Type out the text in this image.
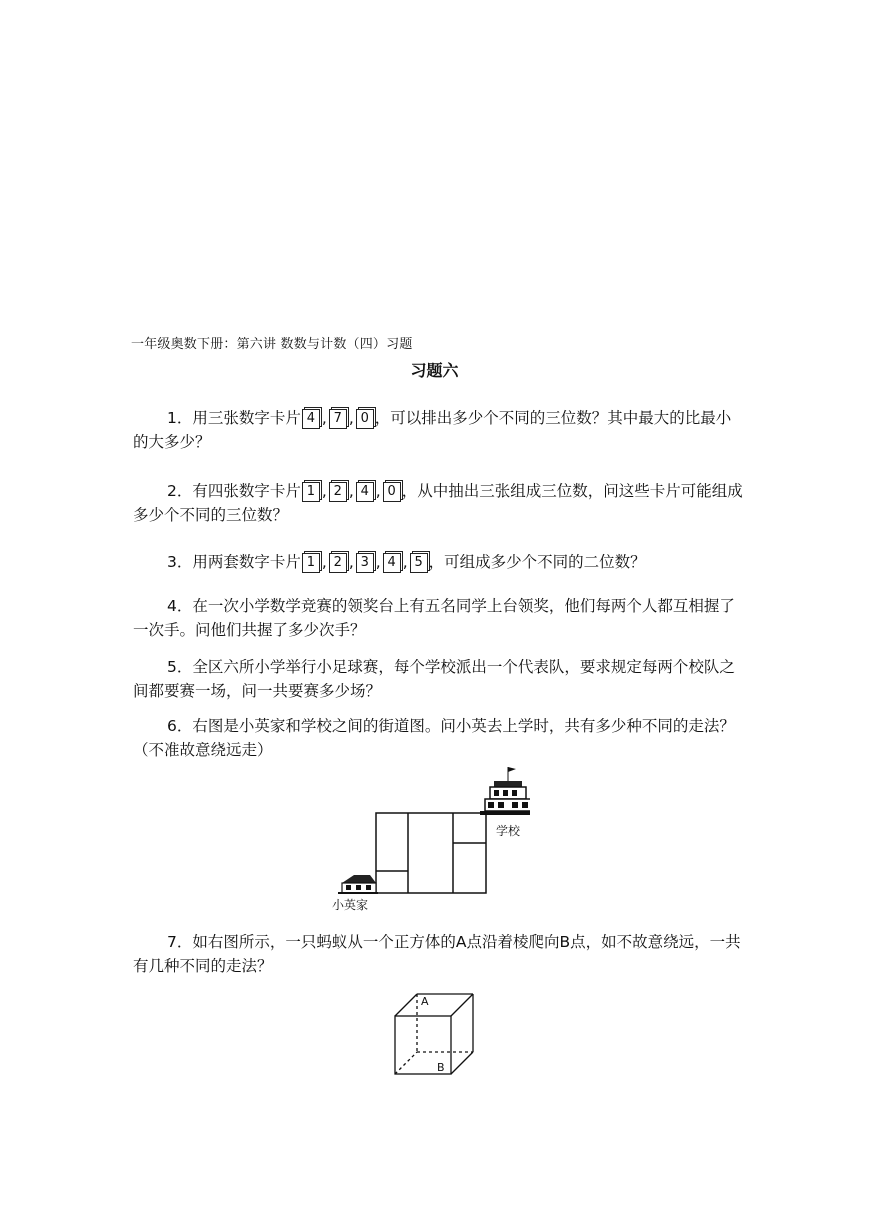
一年级奥数下册：第六讲 数数与计数（四）习题
习题六
1．用三张数字卡片 4 , 7 , 0 ，可以排出多少个不同的三位数？其中最大的比最小的大多少？
2．有四张数字卡片 1 , 2 , 4 , 0 ，从中抽出三张组成三位数，问这些卡片可能组成多少个不同的三位数？
3．用两套数字卡片 1 , 2 , 3 , 4 , 5 ，可组成多少个不同的二位数？
4．在一次小学数学竞赛的领奖台上有五名同学上台领奖，他们每两个人都互相握了一次手。问他们共握了多少次手？
5．全区六所小学举行小足球赛，每个学校派出一个代表队，要求规定每两个校队之间都要赛一场，问一共要赛多少场？
6．右图是小英家和学校之间的街道图。问小英去上学时，共有多少种不同的走法？（不准故意绕远走）
学校
小英家
7．如右图所示，一只蚂蚁从一个正方体的A点沿着棱爬向B点，如不故意绕远，一共有几种不同的走法？
A
B
